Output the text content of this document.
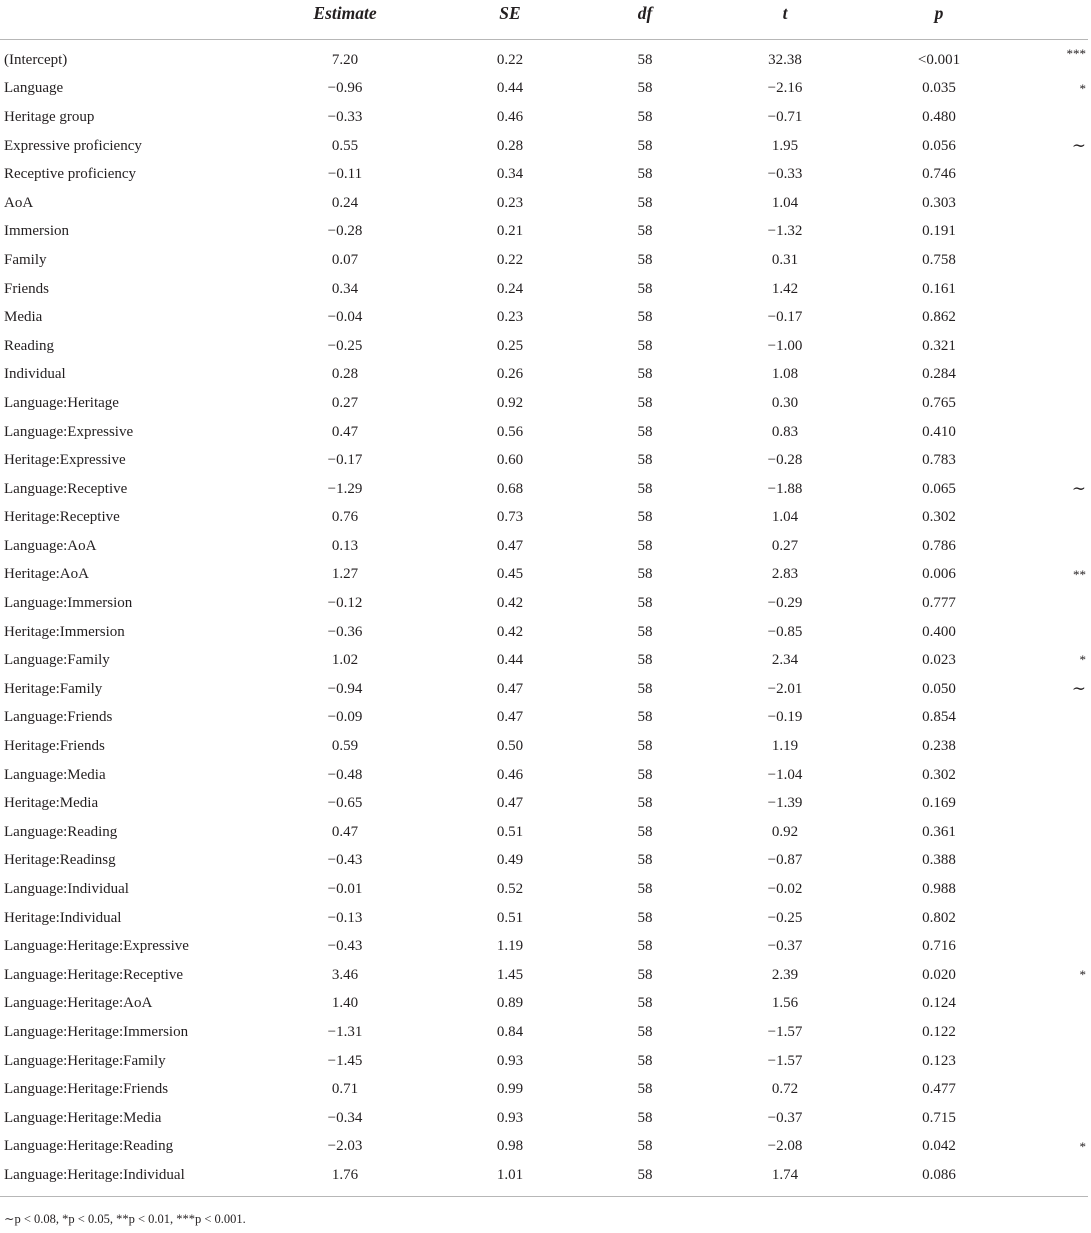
	Estimate	SE	df	t	p	
(Intercept)	7.20	0.22	58	32.38	<0.001	***
Language	−0.96	0.44	58	−2.16	0.035	*
Heritage group	−0.33	0.46	58	−0.71	0.480	
Expressive proficiency	0.55	0.28	58	1.95	0.056	∼
Receptive proficiency	−0.11	0.34	58	−0.33	0.746	
AoA	0.24	0.23	58	1.04	0.303	
Immersion	−0.28	0.21	58	−1.32	0.191	
Family	0.07	0.22	58	0.31	0.758	
Friends	0.34	0.24	58	1.42	0.161	
Media	−0.04	0.23	58	−0.17	0.862	
Reading	−0.25	0.25	58	−1.00	0.321	
Individual	0.28	0.26	58	1.08	0.284	
Language:Heritage	0.27	0.92	58	0.30	0.765	
Language:Expressive	0.47	0.56	58	0.83	0.410	
Heritage:Expressive	−0.17	0.60	58	−0.28	0.783	
Language:Receptive	−1.29	0.68	58	−1.88	0.065	∼
Heritage:Receptive	0.76	0.73	58	1.04	0.302	
Language:AoA	0.13	0.47	58	0.27	0.786	
Heritage:AoA	1.27	0.45	58	2.83	0.006	**
Language:Immersion	−0.12	0.42	58	−0.29	0.777	
Heritage:Immersion	−0.36	0.42	58	−0.85	0.400	
Language:Family	1.02	0.44	58	2.34	0.023	*
Heritage:Family	−0.94	0.47	58	−2.01	0.050	∼
Language:Friends	−0.09	0.47	58	−0.19	0.854	
Heritage:Friends	0.59	0.50	58	1.19	0.238	
Language:Media	−0.48	0.46	58	−1.04	0.302	
Heritage:Media	−0.65	0.47	58	−1.39	0.169	
Language:Reading	0.47	0.51	58	0.92	0.361	
Heritage:Readinsg	−0.43	0.49	58	−0.87	0.388	
Language:Individual	−0.01	0.52	58	−0.02	0.988	
Heritage:Individual	−0.13	0.51	58	−0.25	0.802	
Language:Heritage:Expressive	−0.43	1.19	58	−0.37	0.716	
Language:Heritage:Receptive	3.46	1.45	58	2.39	0.020	*
Language:Heritage:AoA	1.40	0.89	58	1.56	0.124	
Language:Heritage:Immersion	−1.31	0.84	58	−1.57	0.122	
Language:Heritage:Family	−1.45	0.93	58	−1.57	0.123	
Language:Heritage:Friends	0.71	0.99	58	0.72	0.477	
Language:Heritage:Media	−0.34	0.93	58	−0.37	0.715	
Language:Heritage:Reading	−2.03	0.98	58	−2.08	0.042	*
Language:Heritage:Individual	1.76	1.01	58	1.74	0.086	
∼p < 0.08, *p < 0.05, **p < 0.01, ***p < 0.001.
